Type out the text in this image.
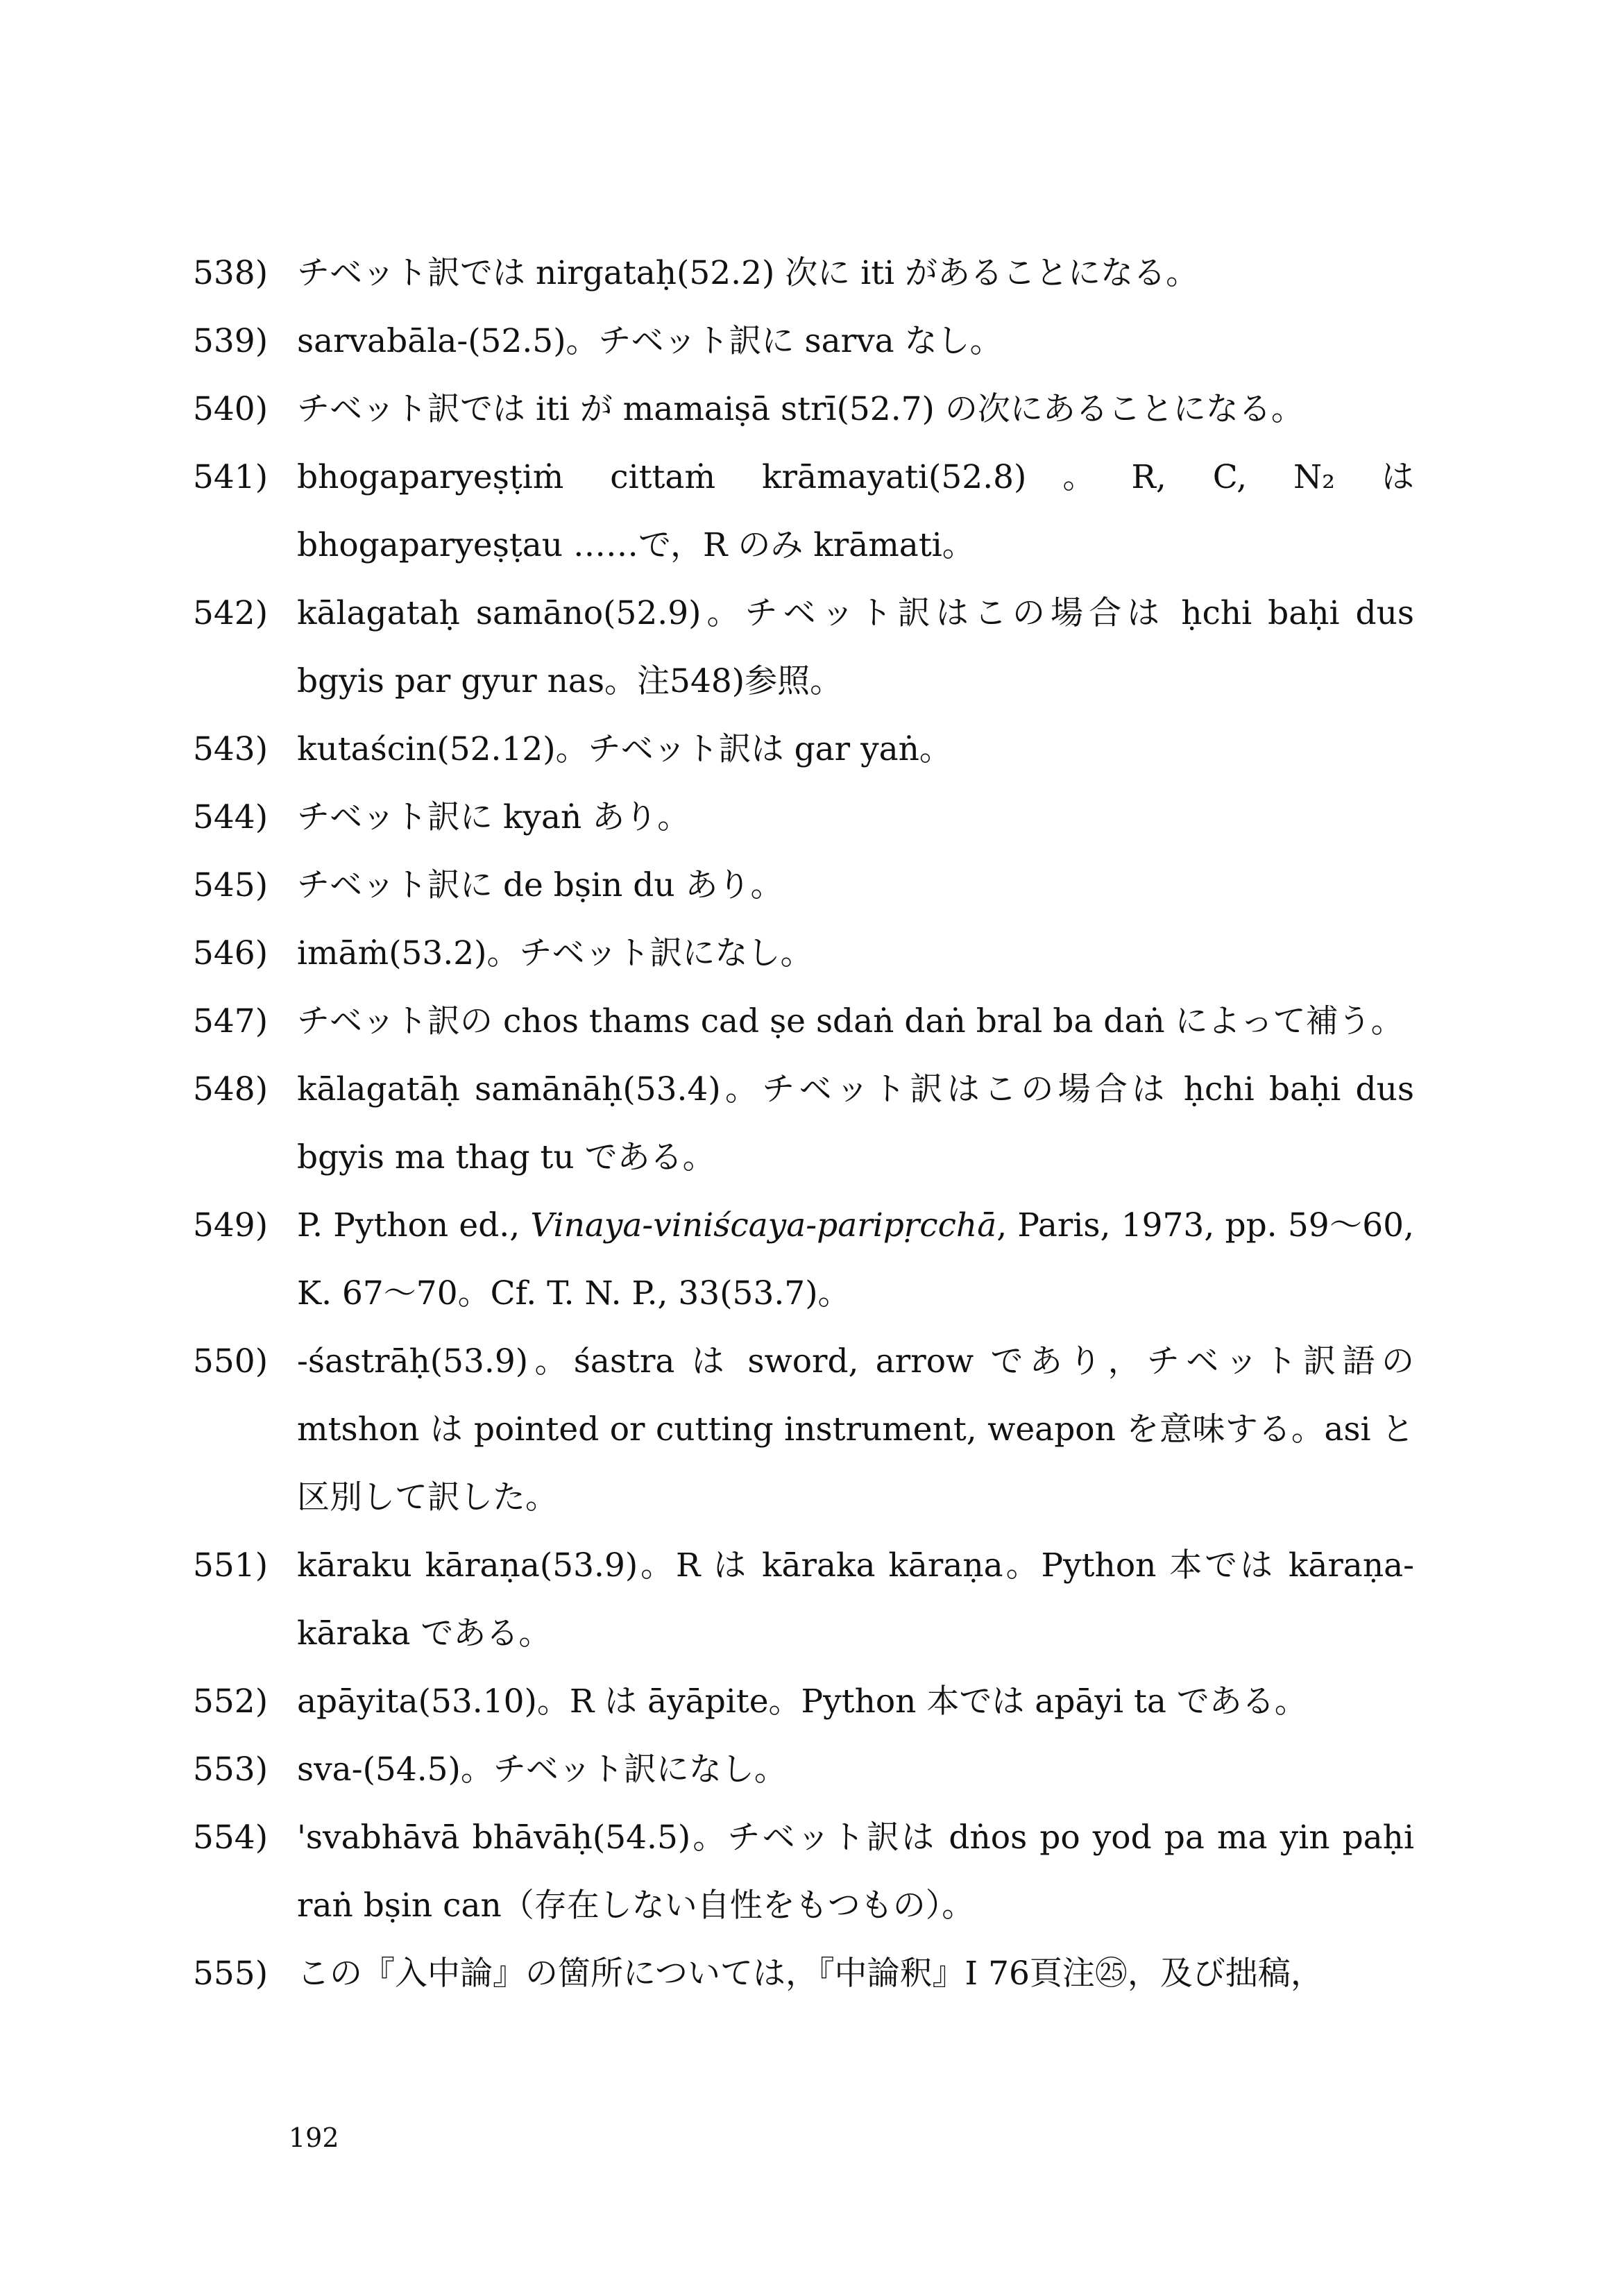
538) チベット訳では nirgataḥ(52.2) 次に iti があることになる。
539) sarvabāla-(52.5)。チベット訳に sarva なし。
540) チベット訳では iti が mamaiṣā strī(52.7) の次にあることになる。
541) bhogaparyeṣṭiṁ cittaṁ krāmayati(52.8)。R, C, N₂ は bhogaparyeṣṭau ……で，R のみ krāmati。
542) kālagataḥ samāno(52.9)。チベット訳はこの場合は ḥchi baḥi dus bgyis par gyur nas。注548)参照。
543) kutaścin(52.12)。チベット訳は gar yaṅ。
544) チベット訳に kyaṅ あり。
545) チベット訳に de bṣin du あり。
546) imāṁ(53.2)。チベット訳になし。
547) チベット訳の chos thams cad ṣe sdaṅ daṅ bral ba daṅ によって補う。
548) kālagatāḥ samānāḥ(53.4)。チベット訳はこの場合は ḥchi baḥi dus bgyis ma thag tu である。
549) P. Python ed., Vinaya-viniścaya-paripṛcchā, Paris, 1973, pp. 59〜60, K. 67〜70。Cf. T. N. P., 33(53.7)。
550) -śastrāḥ(53.9)。śastra は sword, arrow であり，チベット訳語の mtshon は pointed or cutting instrument, weapon を意味する。asi と区別して訳した。
551) kāraku kāraṇa(53.9)。R は kāraka kāraṇa。Python 本では kāraṇa-kāraka である。
552) apāyita(53.10)。R は āyāpite。Python 本では apāyi ta である。
553) sva-(54.5)。チベット訳になし。
554) 'svabhāvā bhāvāḥ(54.5)。チベット訳は dṅos po yod pa ma yin paḥi raṅ bṣin can（存在しない自性をもつもの）。
555) この『入中論』の箇所については，『中論釈』I 76頁注㉕，及び拙稿，
192
